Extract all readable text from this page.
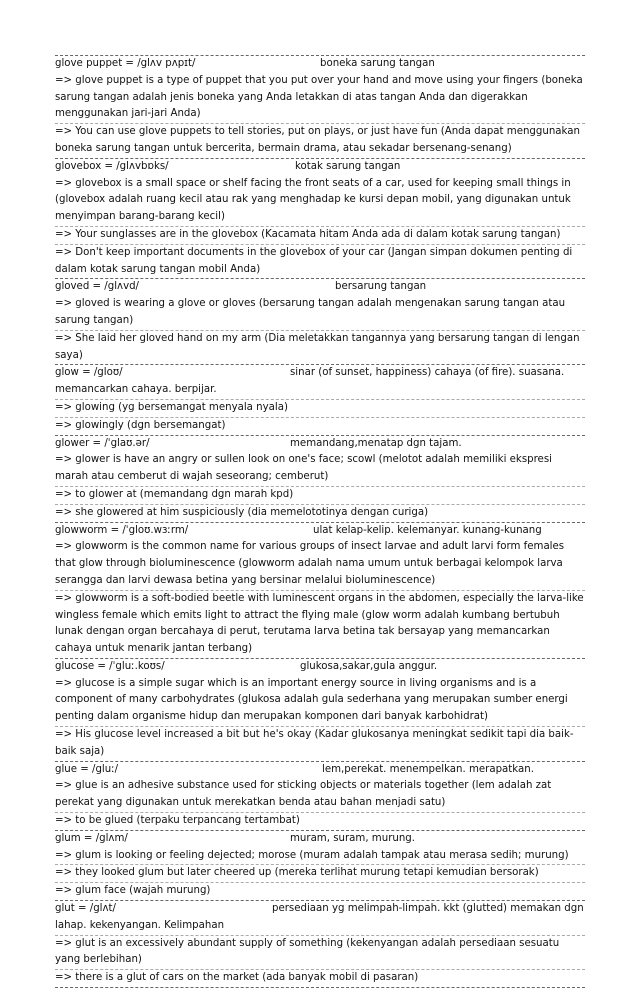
glove puppet = /glʌv pʌpɪt/	boneka sarung tangan
=> glove puppet is a type of puppet that you put over your hand and move using your fingers (boneka sarung tangan adalah jenis boneka yang Anda letakkan di atas tangan Anda dan digerakkan menggunakan jari-jari Anda)
=> You can use glove puppets to tell stories, put on plays, or just have fun (Anda dapat menggunakan boneka sarung tangan untuk bercerita, bermain drama, atau sekadar bersenang-senang)
glovebox = /glʌvbɒks/	kotak sarung tangan
=> glovebox is a small space or shelf facing the front seats of a car, used for keeping small things in (glovebox adalah ruang kecil atau rak yang menghadap ke kursi depan mobil, yang digunakan untuk menyimpan barang-barang kecil)
=> Your sunglasses are in the glovebox (Kacamata hitam Anda ada di dalam kotak sarung tangan)
=> Don't keep important documents in the glovebox of your car (Jangan simpan dokumen penting di dalam kotak sarung tangan mobil Anda)
gloved = /glʌvd/	bersarung tangan
=> gloved is wearing a glove or gloves (bersarung tangan adalah mengenakan sarung tangan atau sarung tangan)
=> She laid her gloved hand on my arm (Dia meletakkan tangannya yang bersarung tangan di lengan saya)
glow = /gloʊ/	sinar (of sunset, happiness) cahaya (of fire). suasana.
memancarkan cahaya. berpijar.
=> glowing (yg bersemangat menyala nyala)
=> glowingly (dgn bersemangat)
glower = /ˈglaʊ.ər/	memandang,menatap dgn tajam.
=> glower is have an angry or sullen look on one's face; scowl (melotot adalah memiliki ekspresi marah atau cemberut di wajah seseorang; cemberut)
=> to glower at (memandang dgn marah kpd)
=> she glowered at him suspiciously (dia memelototinya dengan curiga)
glowworm = /ˈgloʊ.wɜːrm/	ulat kelap-kelip. kelemanyar. kunang-kunang
=> glowworm is the common name for various groups of insect larvae and adult larvi form females that glow through bioluminescence (glowworm adalah nama umum untuk berbagai kelompok larva serangga dan larvi dewasa betina yang bersinar melalui bioluminescence)
=> glowworm is a soft-bodied beetle with luminescent organs in the abdomen, especially the larva-like wingless female which emits light to attract the flying male (glow worm adalah kumbang bertubuh lunak dengan organ bercahaya di perut, terutama larva betina tak bersayap yang memancarkan cahaya untuk menarik jantan terbang)
glucose = /ˈgluː.koʊs/	glukosa,sakar,gula anggur.
=> glucose is a simple sugar which is an important energy source in living organisms and is a component of many carbohydrates (glukosa adalah gula sederhana yang merupakan sumber energi penting dalam organisme hidup dan merupakan komponen dari banyak karbohidrat)
=> His glucose level increased a bit but he's okay (Kadar glukosanya meningkat sedikit tapi dia baik-baik saja)
glue = /gluː/	lem,perekat. menempelkan. merapatkan.
=> glue is an adhesive substance used for sticking objects or materials together (lem adalah zat perekat yang digunakan untuk merekatkan benda atau bahan menjadi satu)
=> to be glued (terpaku terpancang tertambat)
glum = /glʌm/	muram, suram, murung.
=> glum is looking or feeling dejected; morose (muram adalah tampak atau merasa sedih; murung)
=> they looked glum but later cheered up (mereka terlihat murung tetapi kemudian bersorak)
=> glum face (wajah murung)
glut = /glʌt/	persediaan yg melimpah-limpah. kkt (glutted) memakan dgn
lahap. kekenyangan. Kelimpahan
=> glut is an excessively abundant supply of something (kekenyangan adalah persediaan sesuatu yang berlebihan)
=> there is a glut of cars on the market (ada banyak mobil di pasaran)
